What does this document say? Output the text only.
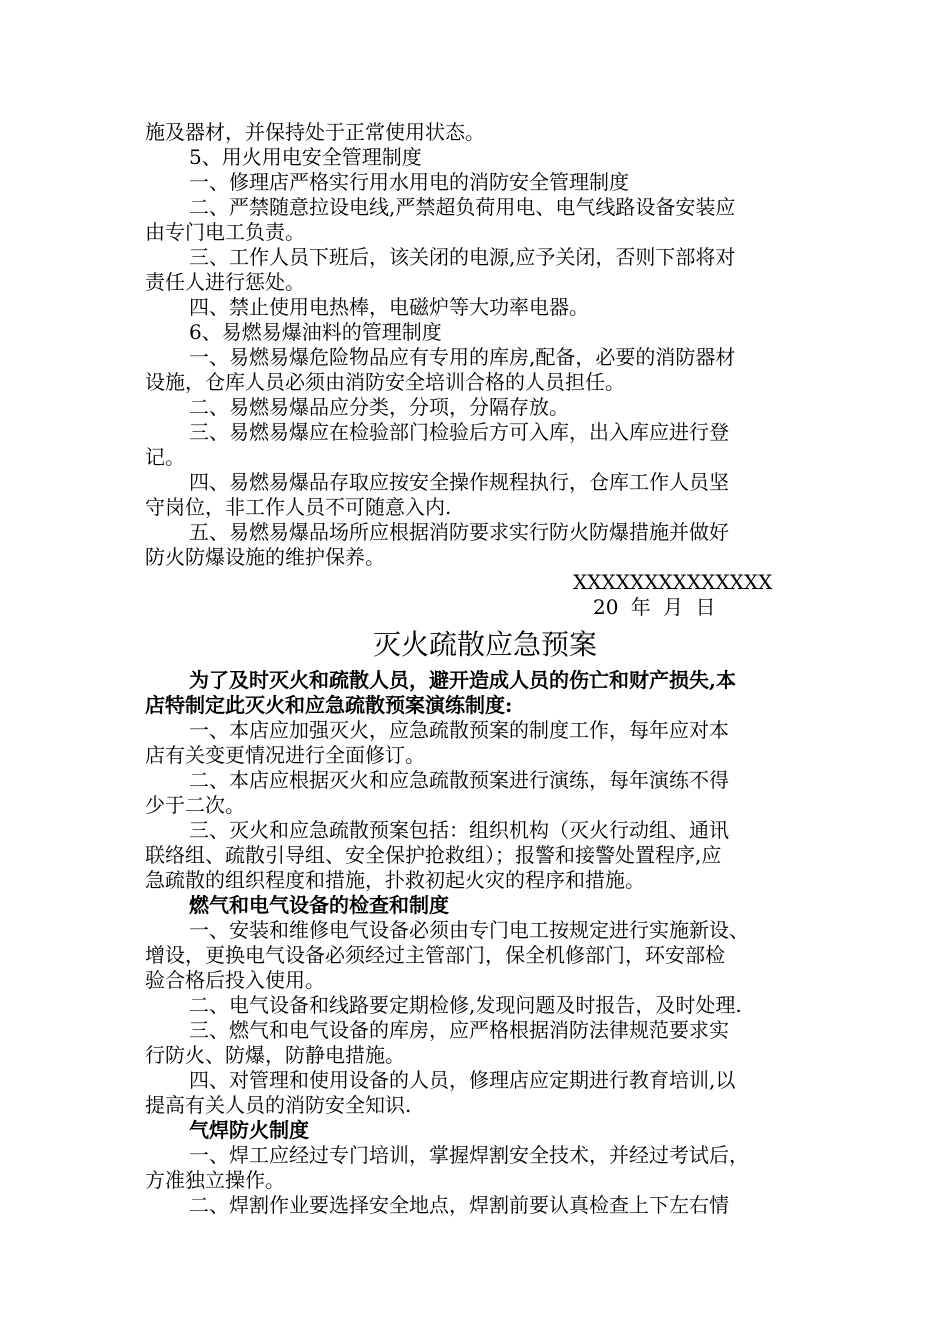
施及器材，并保持处于正常使用状态。

5、用火用电安全管理制度

一、修理店严格实行用水用电的消防安全管理制度

二、严禁随意拉设电线,严禁超负荷用电、电气线路设备安装应

由专门电工负责。

三、工作人员下班后，该关闭的电源,应予关闭，否则下部将对

责任人进行惩处。

四、禁止使用电热棒，电磁炉等大功率电器。

6、易燃易爆油料的管理制度

一、易燃易爆危险物品应有专用的库房,配备，必要的消防器材

设施，仓库人员必须由消防安全培训合格的人员担任。

二、易燃易爆品应分类，分项，分隔存放。

三、易燃易爆应在检验部门检验后方可入库，出入库应进行登

记。

四、易燃易爆品存取应按安全操作规程执行，仓库工作人员坚

守岗位，非工作人员不可随意入内.

五、易燃易爆品场所应根据消防要求实行防火防爆措施并做好

防火防爆设施的维护保养。

XXXXXXXXXXXXXX

20 年 月 日

灭火疏散应急预案

为了及时灭火和疏散人员，避开造成人员的伤亡和财产损失,本

店特制定此灭火和应急疏散预案演练制度:

一、本店应加强灭火，应急疏散预案的制度工作，每年应对本

店有关变更情况进行全面修订。

二、本店应根据灭火和应急疏散预案进行演练，每年演练不得

少于二次。

三、灭火和应急疏散预案包括：组织机构（灭火行动组、通讯

联络组、疏散引导组、安全保护抢救组）；报警和接警处置程序,应

急疏散的组织程度和措施，扑救初起火灾的程序和措施。

燃气和电气设备的检查和制度

一、安装和维修电气设备必须由专门电工按规定进行实施新设、

增设，更换电气设备必须经过主管部门，保全机修部门，环安部检

验合格后投入使用。

二、电气设备和线路要定期检修,发现问题及时报告，及时处理.

三、燃气和电气设备的库房，应严格根据消防法律规范要求实

行防火、防爆，防静电措施。

四、对管理和使用设备的人员，修理店应定期进行教育培训,以

提高有关人员的消防安全知识.

气焊防火制度

一、焊工应经过专门培训，掌握焊割安全技术，并经过考试后，

方准独立操作。

二、焊割作业要选择安全地点，焊割前要认真检查上下左右情
